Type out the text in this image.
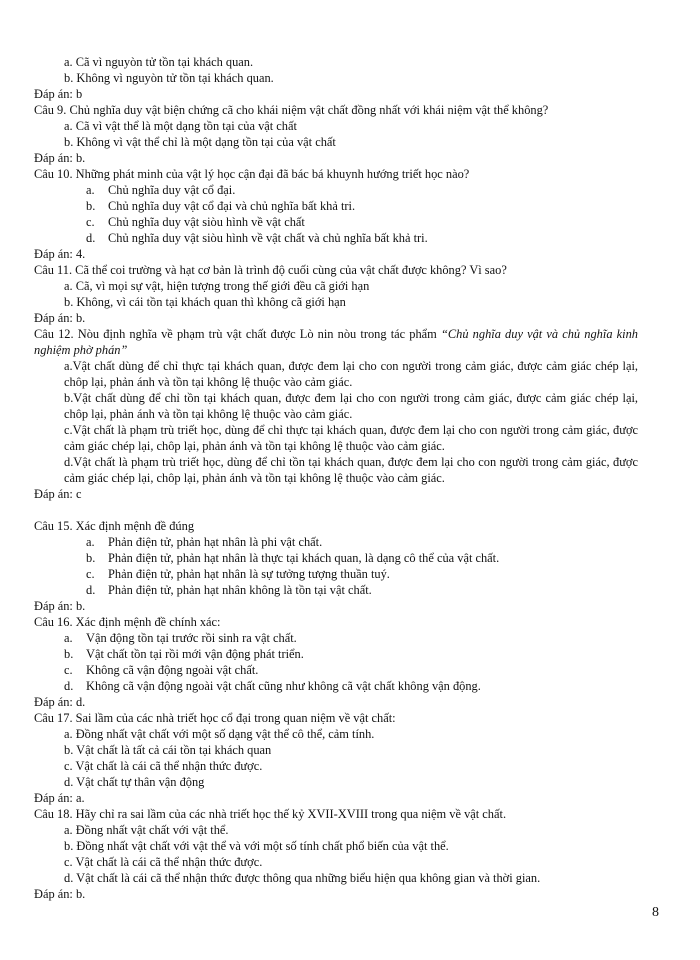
a. Cã vì nguyòn tử tồn tại khách quan.
b. Không vì nguyòn tử tồn tại khách quan.
Đáp án: b
Câu 9. Chủ nghĩa duy vật biện chứng cã cho khái niệm vật chất đồng nhất với khái niệm vật thể không?
a. Cã vì vật thể là một dạng tồn tại của vật chất
b. Không vì vật thể chỉ là một dạng tồn tại của vật chất
Đáp án: b.
Câu 10. Những phát minh của vật lý học cận đại đã bác bá khuynh hướng triết học nào?
a. Chủ nghĩa duy vật cổ đại.
b. Chủ nghĩa duy vật cổ đại và chủ nghĩa bất khả tri.
c. Chủ nghĩa duy vật siòu hình về vật chất
d. Chủ nghĩa duy vật siòu hình về vật chất và chủ nghĩa bất khả tri.
Đáp án: 4.
Câu 11. Cã thể coi trường và hạt cơ bản là trình độ cuối cùng của vật chất được không? Vì sao?
a. Cã, vì mọi sự vật, hiện tượng trong thế giới đều cã giới hạn
b. Không, vì cái tồn tại khách quan thì không cã giới hạn
Đáp án: b.
Câu 12. Nòu định nghĩa về phạm trù vật chất được Lò nin nòu trong tác phẩm “Chủ nghĩa duy vật và chủ nghĩa kinh nghiệm phờ phán”
a.Vật chất dùng để chỉ thực tại khách quan, được đem lại cho con người trong cảm giác, được cảm giác chép lại, chôp lại, phản ánh và tồn tại không lệ thuộc vào cảm giác.
b.Vật chất dùng để chỉ tồn tại khách quan, được đem lại cho con người trong cảm giác, được cảm giác chép lại, chôp lại, phản ánh và tồn tại không lệ thuộc vào cảm giác.
c.Vật chất là phạm trù triết học, dùng để chỉ thực tại khách quan, được đem lại cho con người trong cảm giác, được cảm giác chép lại, chôp lại, phản ánh và tồn tại không lệ thuộc vào cảm giác.
d.Vật chất là phạm trù triết học, dùng để chỉ tồn tại khách quan, được đem lại cho con người trong cảm giác, được cảm giác chép lại, chôp lại, phản ánh và tồn tại không lệ thuộc vào cảm giác.
Đáp án: c
Câu 15. Xác định mệnh đề đúng
a. Phản điện tử, phản hạt nhân là phi vật chất.
b. Phản điện tử, phản hạt nhân là thực tại khách quan, là dạng cô thể của vật chất.
c. Phản điện tử, phản hạt nhân là sự tưởng tượng thuần tuý.
d. Phản điện tử, phản hạt nhân không là tồn tại vật chất.
Đáp án: b.
Câu 16. Xác định mệnh đề chính xác:
a. Vận động tồn tại trước rồi sinh ra vật chất.
b. Vật chất tồn tại rồi mới vận động phát triển.
c. Không cã vận động ngoài vật chất.
d. Không cã vận động ngoài vật chất cũng như không cã vật chất không vận động.
Đáp án: d.
Câu 17. Sai lầm của các nhà triết học cổ đại trong quan niệm về vật chất:
a. Đồng nhất vật chất với một số dạng vật thể cô thể, cảm tính.
b. Vật chất là tất cả cái tồn tại khách quan
c. Vật chất là cái cã thể nhận thức được.
d. Vật chất tự thân vận động
Đáp án: a.
Câu 18. Hãy chỉ ra sai lầm của các nhà triết học thế kỷ XVII-XVIII trong qua niệm về vật chất.
a. Đồng nhất vật chất với vật thể.
b. Đồng nhất vật chất với vật thể và với một số tính chất phổ biến của vật thể.
c. Vật chất là cái cã thể nhận thức được.
d. Vật chất là cái cã thể nhận thức được thông qua những biểu hiện qua không gian và thời gian.
Đáp án: b.
8
